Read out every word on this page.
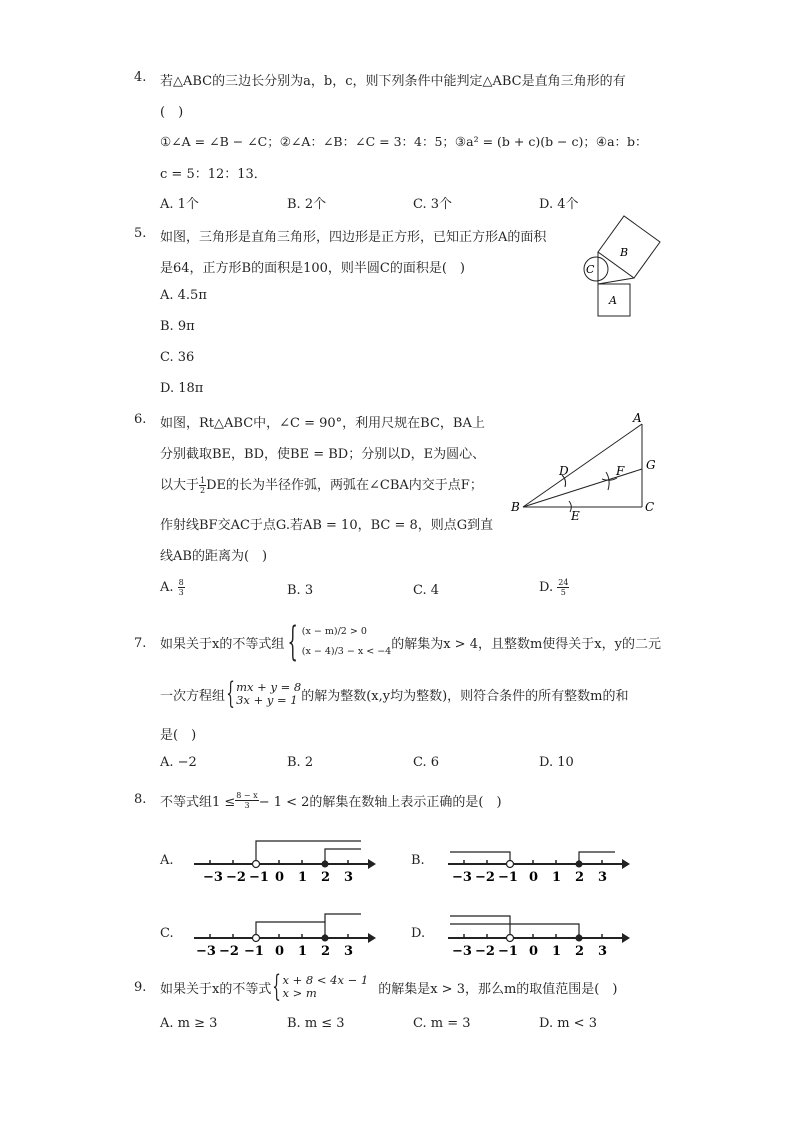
4. 若△ABC的三边长分别为a，b，c，则下列条件中能判定△ABC是直角三角形的有
(　)
①∠A = ∠B − ∠C；②∠A：∠B：∠C = 3：4：5；③a² = (b + c)(b − c)；④a：b：
c = 5：12：13．
A. 1个	B. 2个	C. 3个	D. 4个
5. 如图，三角形是直角三角形，四边形是正方形，已知正方形A的面积
是64，正方形B的面积是100，则半圆C的面积是(　)
A. 4.5π
B. 9π
C. 36
D. 18π
B
C
A
6. 如图，Rt△ABC中，∠C = 90°，利用尺规在BC，BA上
分别截取BE，BD，使BE = BD；分别以D，E为圆心、
以大于 $\frac{1}{2}$ DE的长为半径作弧，两弧在∠CBA内交于点F；
作射线BF交AC于点G.若AB = 10，BC = 8，则点G到直
线AB的距离为(　)
A. $\frac{8}{3}$	B. 3	C. 4	D. $\frac{24}{5}$
A
B	C
D
E
F G
7. 如果关于x的不等式组 { (x − m)/2 > 0
(x − 4)/3 − x < −4 的解集为x > 4，且整数m使得关于x，y的二元
一次方程组 { mx + y = 8
3x + y = 1 的解为整数(x,y均为整数)，则符合条件的所有整数m的和
是(　)
A. −2	B. 2	C. 6	D. 10
8. 不等式组$1 \le \frac{8 - x}{3} - 1 < 2$的解集在数轴上表示正确的是(　)
A.	B.
C.	D.
−3 −2 −1 0 1 2 3	−3 −2 −1 0 1 2 3
−3 −2 −1 0 1 2 3	−3 −2 −1 0 1 2 3
9. 如果关于x的不等式 { x + 8 < 4x − 1
x > m	的解集是x > 3，那么m的取值范围是(　)
A. m ≥ 3	B. m ≤ 3	C. m = 3	D. m < 3
